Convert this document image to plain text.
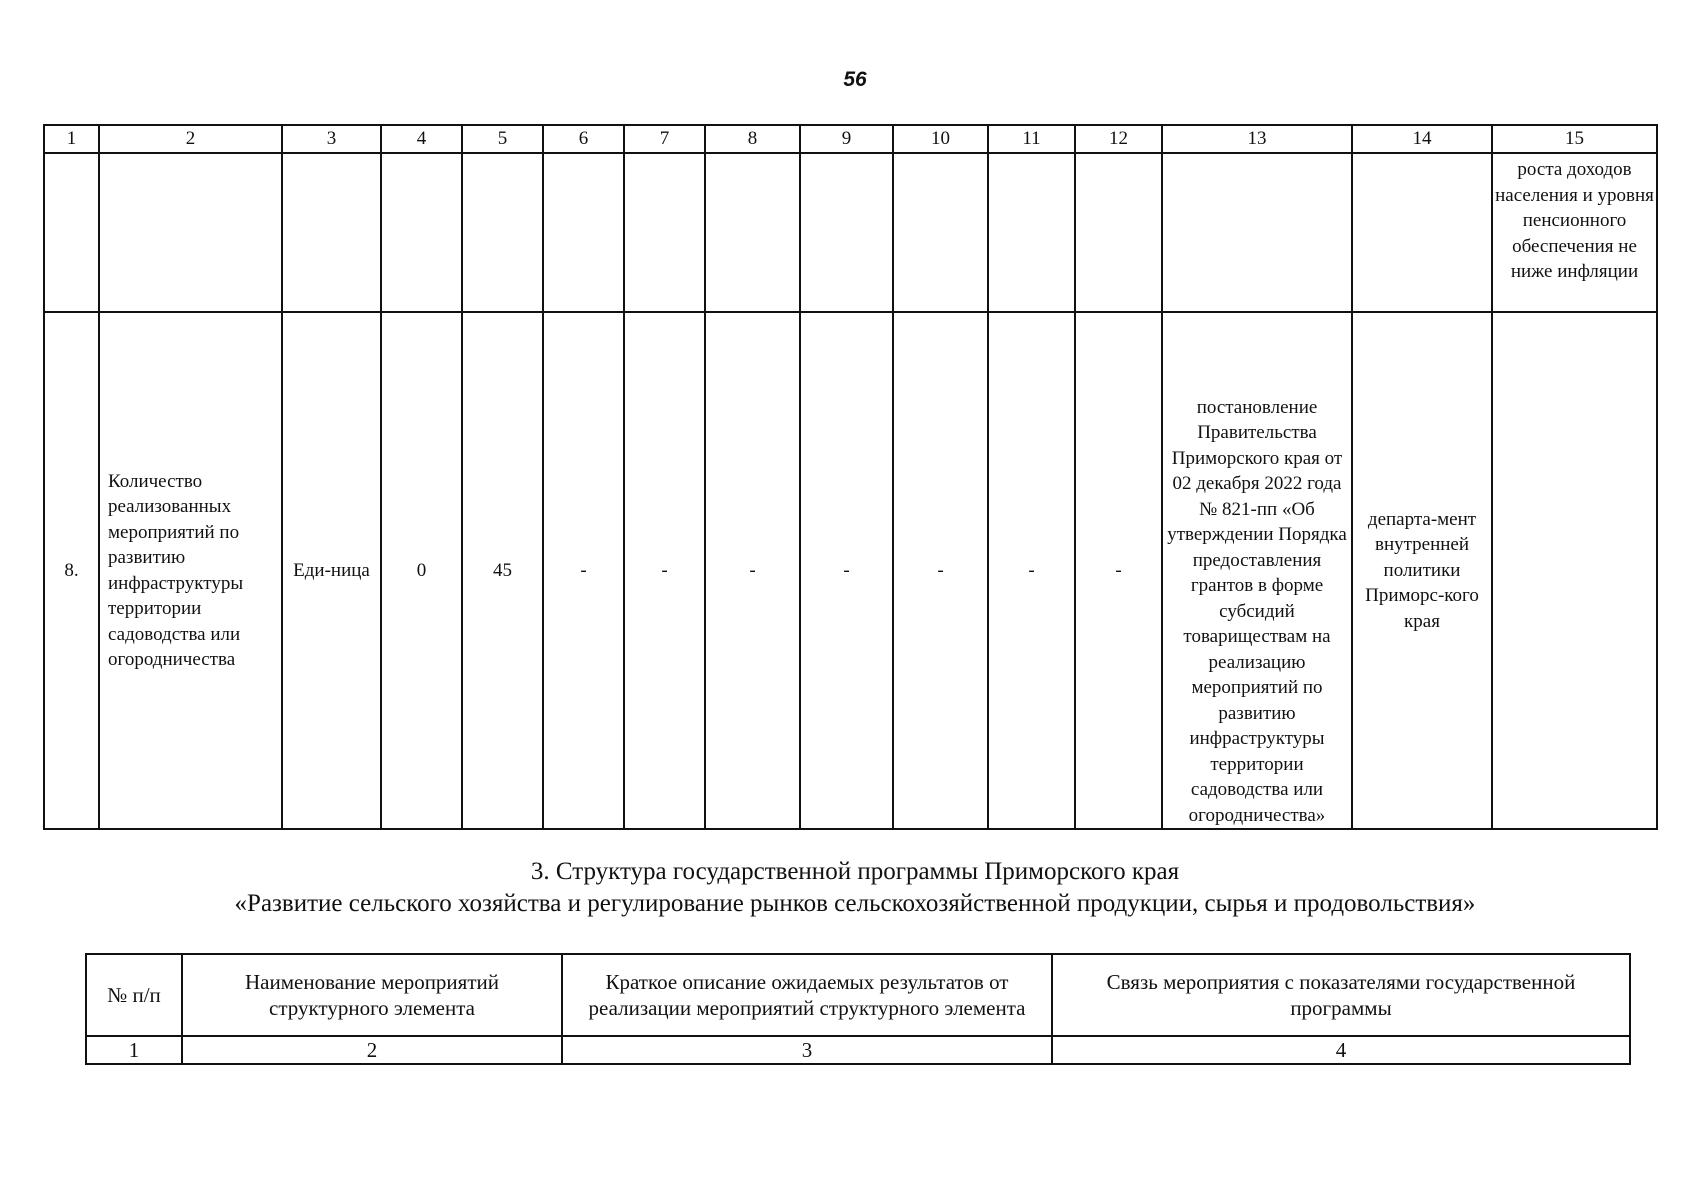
56
1	2	3	4	5	6	7	8	9	10	11	12	13	14	15
														роста доходов населения и уровня пенсионного обеспечения не ниже инфляции
8.	Количество реализованных мероприятий по развитию инфраструктуры территории садоводства или огородничества	Еди-ница	0	45	-	-	-	-	-	-	-	постановление Правительства Приморского края от 02 декабря 2022 года № 821-пп «Об утверждении Порядка предоставления грантов в форме субсидий товариществам на реализацию мероприятий по развитию инфраструктуры территории садоводства или огородничества»	департа-мент внутренней политики Приморс-кого края	
3. Структура государственной программы Приморского края
«Развитие сельского хозяйства и регулирование рынков сельскохозяйственной продукции, сырья и продовольствия»
№ п/п	Наименование мероприятий структурного элемента	Краткое описание ожидаемых результатов от реализации мероприятий структурного элемента	Связь мероприятия с показателями государственной программы
1	2	3	4
